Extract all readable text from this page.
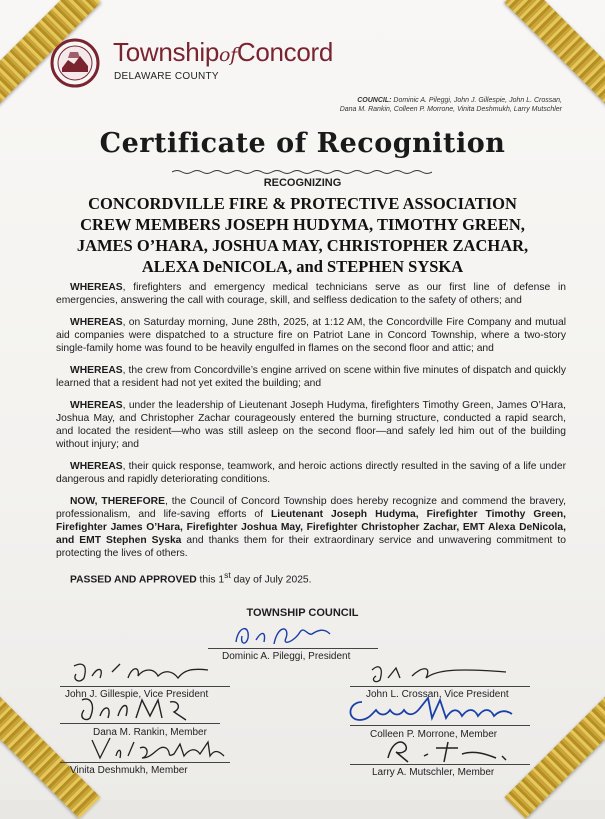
TownshipofConcord
DELAWARE COUNTY
COUNCIL: Dominic A. Pileggi, John J. Gillespie, John L. Crossan,
Dana M. Rankin, Colleen P. Morrone, Vinita Deshmukh, Larry Mutschler
Certificate of Recognition
RECOGNIZING
CONCORDVILLE FIRE & PROTECTIVE ASSOCIATION
CREW MEMBERS JOSEPH HUDYMA, TIMOTHY GREEN,
JAMES O’HARA, JOSHUA MAY, CHRISTOPHER ZACHAR,
ALEXA DeNICOLA, and STEPHEN SYSKA

WHEREAS, firefighters and emergency medical technicians serve as our first line of defense in emergencies, answering the call with courage, skill, and selfless dedication to the safety of others; and

WHEREAS, on Saturday morning, June 28th, 2025, at 1:12 AM, the Concordville Fire Company and mutual aid companies were dispatched to a structure fire on Patriot Lane in Concord Township, where a two-story single-family home was found to be heavily engulfed in flames on the second floor and attic; and

WHEREAS, the crew from Concordville’s engine arrived on scene within five minutes of dispatch and quickly learned that a resident had not yet exited the building; and

WHEREAS, under the leadership of Lieutenant Joseph Hudyma, firefighters Timothy Green, James O’Hara, Joshua May, and Christopher Zachar courageously entered the burning structure, conducted a rapid search, and located the resident—who was still asleep on the second floor—and safely led him out of the building without injury; and

WHEREAS, their quick response, teamwork, and heroic actions directly resulted in the saving of a life under dangerous and rapidly deteriorating conditions.

NOW, THEREFORE, the Council of Concord Township does hereby recognize and commend the bravery, professionalism, and life-saving efforts of Lieutenant Joseph Hudyma, Firefighter Timothy Green, Firefighter James O’Hara, Firefighter Joshua May, Firefighter Christopher Zachar, EMT Alexa DeNicola, and EMT Stephen Syska and thanks them for their extraordinary service and unwavering commitment to protecting the lives of others.

PASSED AND APPROVED this 1st day of July 2025.

TOWNSHIP COUNCIL
Dominic A. Pileggi, President
John J. Gillespie, Vice President	John L. Crossan, Vice President
Dana M. Rankin, Member	Colleen P. Morrone, Member
Vinita Deshmukh, Member	Larry A. Mutschler, Member
